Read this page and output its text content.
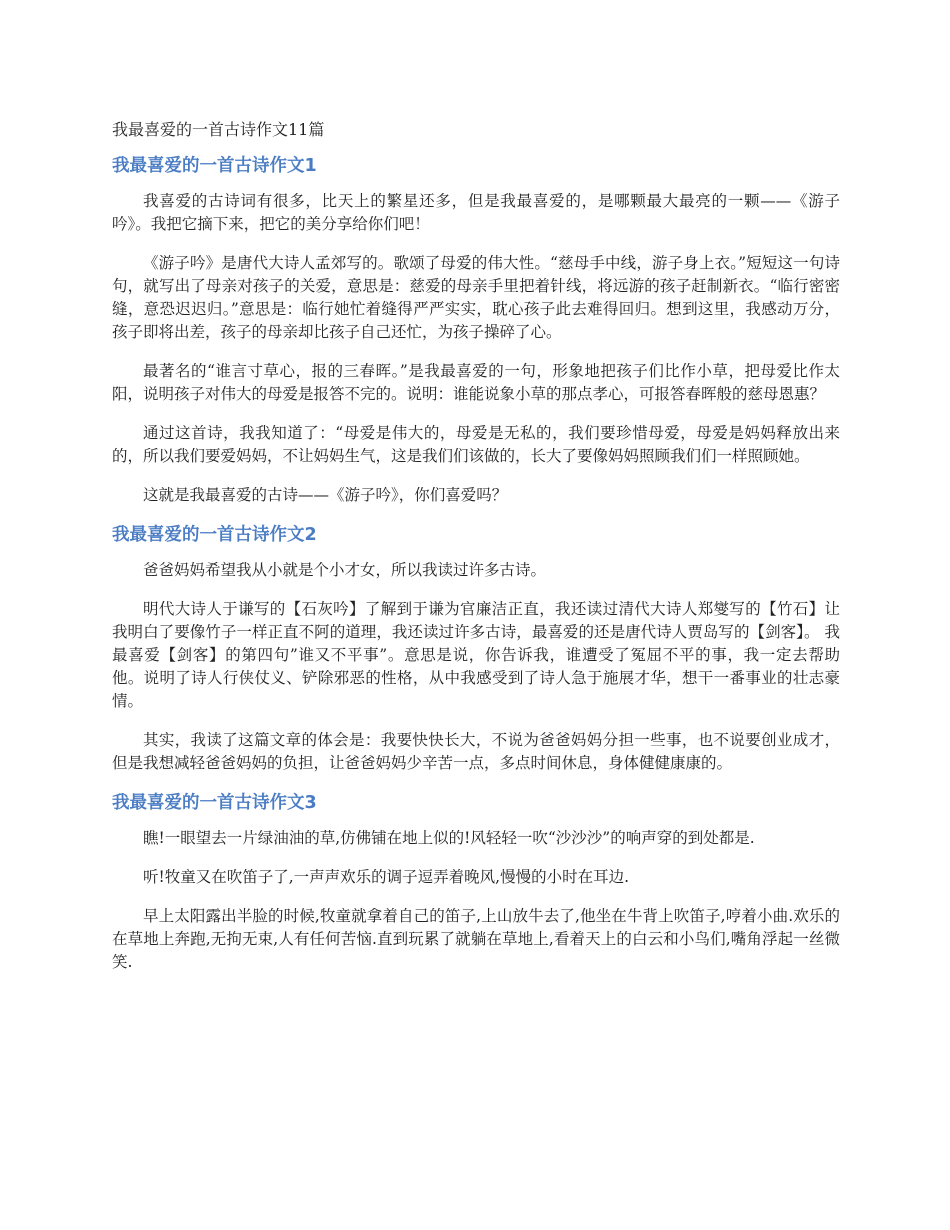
我最喜爱的一首古诗作文11篇
我最喜爱的一首古诗作文1

我喜爱的古诗词有很多，比天上的繁星还多，但是我最喜爱的，是哪颗最大最亮的一颗——《游子吟》。我把它摘下来，把它的美分享给你们吧！

《游子吟》是唐代大诗人孟郊写的。歌颂了母爱的伟大性。“慈母手中线，游子身上衣。”短短这一句诗句，就写出了母亲对孩子的关爱，意思是：慈爱的母亲手里把着针线，将远游的孩子赶制新衣。“临行密密缝，意恐迟迟归。”意思是：临行她忙着缝得严严实实，耽心孩子此去难得回归。想到这里，我感动万分，孩子即将出差，孩子的母亲却比孩子自己还忙，为孩子操碎了心。

最著名的“谁言寸草心，报的三春晖。”是我最喜爱的一句，形象地把孩子们比作小草，把母爱比作太阳，说明孩子对伟大的母爱是报答不完的。说明：谁能说象小草的那点孝心，可报答春晖般的慈母恩惠？

通过这首诗，我我知道了：“母爱是伟大的，母爱是无私的，我们要珍惜母爱，母爱是妈妈释放出来的，所以我们要爱妈妈，不让妈妈生气，这是我们们该做的，长大了要像妈妈照顾我们们一样照顾她。

这就是我最喜爱的古诗——《游子吟》，你们喜爱吗？

我最喜爱的一首古诗作文2

爸爸妈妈希望我从小就是个小才女，所以我读过许多古诗。

明代大诗人于谦写的【石灰吟】了解到于谦为官廉洁正直，我还读过清代大诗人郑燮写的【竹石】让我明白了要像竹子一样正直不阿的道理，我还读过许多古诗，最喜爱的还是唐代诗人贾岛写的【剑客】。 我最喜爱【剑客】的第四句”谁又不平事”。意思是说，你告诉我，谁遭受了冤屈不平的事，我一定去帮助他。说明了诗人行侠仗义、铲除邪恶的性格，从中我感受到了诗人急于施展才华，想干一番事业的壮志豪情。

其实，我读了这篇文章的体会是：我要快快长大，不说为爸爸妈妈分担一些事，也不说要创业成才，但是我想减轻爸爸妈妈的负担，让爸爸妈妈少辛苦一点，多点时间休息，身体健健康康的。

我最喜爱的一首古诗作文3

瞧!一眼望去一片绿油油的草,仿佛铺在地上似的!风轻轻一吹“沙沙沙”的响声穿的到处都是.

听!牧童又在吹笛子了,一声声欢乐的调子逗弄着晚风,慢慢的小时在耳边.

早上太阳露出半脸的时候,牧童就拿着自己的笛子,上山放牛去了,他坐在牛背上吹笛子,哼着小曲.欢乐的在草地上奔跑,无拘无束,人有任何苦恼.直到玩累了就躺在草地上,看着天上的白云和小鸟们,嘴角浮起一丝微笑.
